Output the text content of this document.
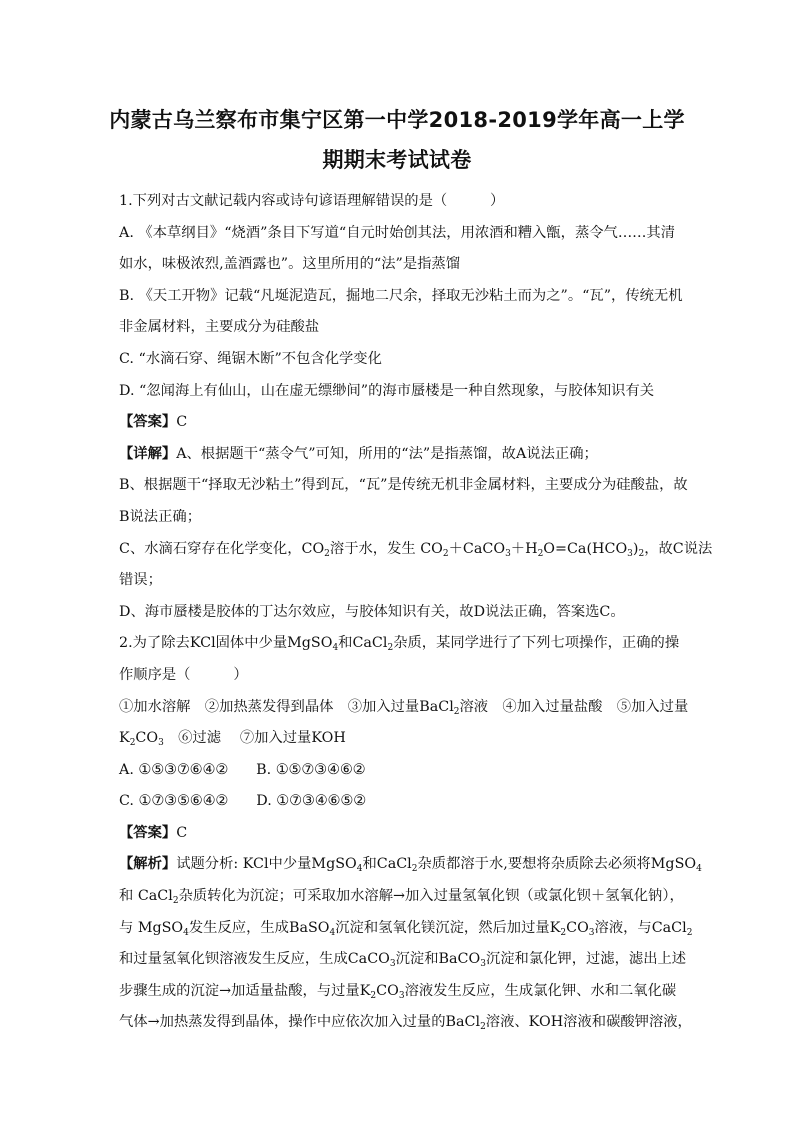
内蒙古乌兰察布市集宁区第一中学2018-2019学年高一上学
期期末考试试卷
1.下列对古文献记载内容或诗句谚语理解错误的是（　　　）
A. 《本草纲目》“烧酒”条目下写道“自元时始创其法，用浓酒和糟入甑，蒸令气……其清
如水，味极浓烈,盖酒露也”。这里所用的“法”是指蒸馏
B. 《天工开物》记载“凡埏泥造瓦，掘地二尺余，择取无沙粘土而为之”。“瓦”，传统无机
非金属材料，主要成分为硅酸盐
C. “水滴石穿、绳锯木断”不包含化学变化
D. “忽闻海上有仙山，山在虚无缥缈间”的海市蜃楼是一种自然现象，与胶体知识有关
【答案】C
【详解】A、根据题干“蒸令气”可知，所用的“法”是指蒸馏，故A说法正确；
B、根据题干“择取无沙粘土”得到瓦，“瓦”是传统无机非金属材料，主要成分为硅酸盐，故
B说法正确；
C、水滴石穿存在化学变化，$CO_2$溶于水，发生 $CO_2+CaCO_3+H_2O=Ca(HCO_3)_2$，故C说法
错误；
D、海市蜃楼是胶体的丁达尔效应，与胶体知识有关，故D说法正确，答案选C。
2.为了除去KCl固体中少量MgSO$_4$和CaCl$_2$杂质，某同学进行了下列七项操作，正确的操
作顺序是（　　　）
①加水溶解　②加热蒸发得到晶体　③加入过量BaCl$_2$溶液　④加入过量盐酸　⑤加入过量
$K_2CO_3$　⑥过滤　 ⑦加入过量KOH
A. ①⑤③⑦⑥④② B. ①⑤⑦③④⑥②
C. ①⑦③⑤⑥④② D. ①⑦③④⑥⑤②
【答案】C
【解析】试题分析: KCl中少量MgSO$_4$和CaCl$_2$杂质都溶于水,要想将杂质除去必须将MgSO$_4$
和 CaCl$_2$杂质转化为沉淀；可采取加水溶解→加入过量氢氧化钡（或氯化钡＋氢氧化钠），
与 MgSO$_4$发生反应，生成BaSO$_4$沉淀和氢氧化镁沉淀，然后加过量$K_2CO_3$溶液，与CaCl$_2$
和过量氢氧化钡溶液发生反应，生成CaCO$_3$沉淀和BaCO$_3$沉淀和氯化钾，过滤，滤出上述
步骤生成的沉淀→加适量盐酸，与过量$K_2CO_3$溶液发生反应，生成氯化钾、水和二氧化碳
气体→加热蒸发得到晶体，操作中应依次加入过量的BaCl$_2$溶液、KOH溶液和碳酸钾溶液，
